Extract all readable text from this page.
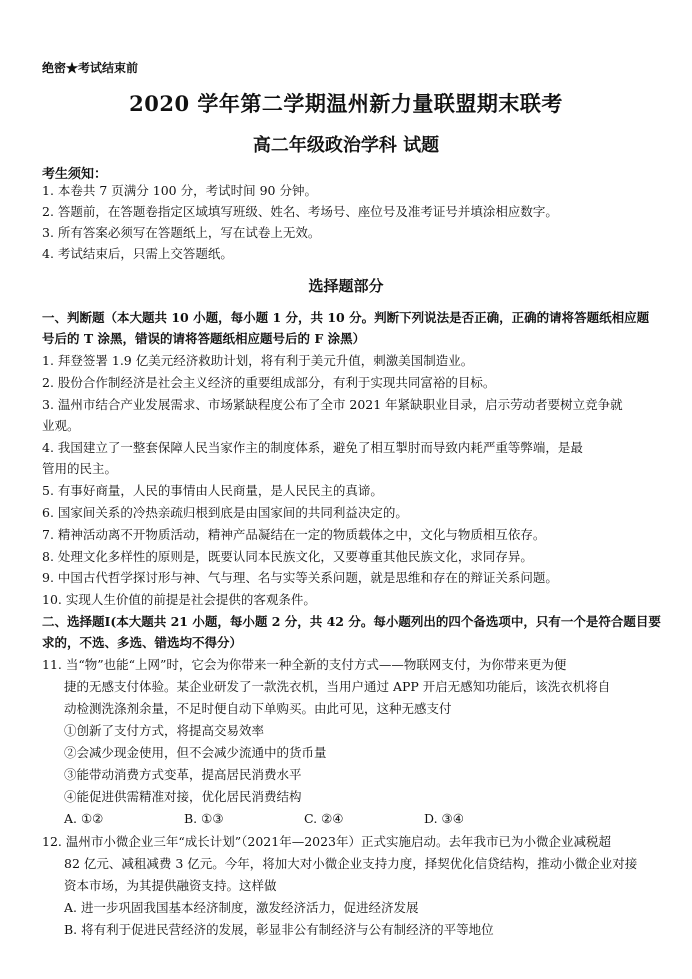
绝密★考试结束前
2020 学年第二学期温州新力量联盟期末联考
高二年级政治学科 试题
考生须知：
1. 本卷共 7 页满分 100 分，考试时间 90 分钟。
2. 答题前，在答题卷指定区域填写班级、姓名、考场号、座位号及准考证号并填涂相应数字。
3. 所有答案必须写在答题纸上，写在试卷上无效。
4. 考试结束后，只需上交答题纸。
选择题部分
一、判断题（本大题共 10 小题，每小题 1 分，共 10 分。判断下列说法是否正确，正确的请将答题纸相应题
号后的 T 涂黑，错误的请将答题纸相应题号后的 F 涂黑）
1. 拜登签署 1.9 亿美元经济救助计划，将有利于美元升值，刺激美国制造业。
2. 股份合作制经济是社会主义经济的重要组成部分，有利于实现共同富裕的目标。
3. 温州市结合产业发展需求、市场紧缺程度公布了全市 2021 年紧缺职业目录，启示劳动者要树立竞争就
业观。
4. 我国建立了一整套保障人民当家作主的制度体系，避免了相互掣肘而导致内耗严重等弊端，是最
管用的民主。
5. 有事好商量，人民的事情由人民商量，是人民民主的真谛。
6. 国家间关系的冷热亲疏归根到底是由国家间的共同利益决定的。
7. 精神活动离不开物质活动，精神产品凝结在一定的物质载体之中，文化与物质相互依存。
8. 处理文化多样性的原则是，既要认同本民族文化，又要尊重其他民族文化，求同存异。
9. 中国古代哲学探讨形与神、气与理、名与实等关系问题，就是思维和存在的辩证关系问题。
10. 实现人生价值的前提是社会提供的客观条件。
二、选择题Ⅰ(本大题共 21 小题，每小题 2 分，共 42 分。每小题列出的四个备选项中，只有一个是符合题目要
求的，不选、多选、错选均不得分）
11. 当“物”也能“上网”时，它会为你带来一种全新的支付方式——物联网支付，为你带来更为便
捷的无感支付体验。某企业研发了一款洗衣机，当用户通过 APP 开启无感知功能后，该洗衣机将自
动检测洗涤剂余量，不足时便自动下单购买。由此可见，这种无感支付
①创新了支付方式，将提高交易效率
②会减少现金使用，但不会减少流通中的货币量
③能带动消费方式变革，提高居民消费水平
④能促进供需精准对接，优化居民消费结构
A. ①②	B. ①③	C. ②④	D. ③④
12. 温州市小微企业三年“成长计划”（2021年—2023年）正式实施启动。去年我市已为小微企业减税超
82 亿元、减租减费 3 亿元。今年，将加大对小微企业支持力度，择契优化信贷结构，推动小微企业对接
资本市场，为其提供融资支持。这样做
A. 进一步巩固我国基本经济制度，激发经济活力，促进经济发展
B. 将有利于促进民营经济的发展，彰显非公有制经济与公有制经济的平等地位
